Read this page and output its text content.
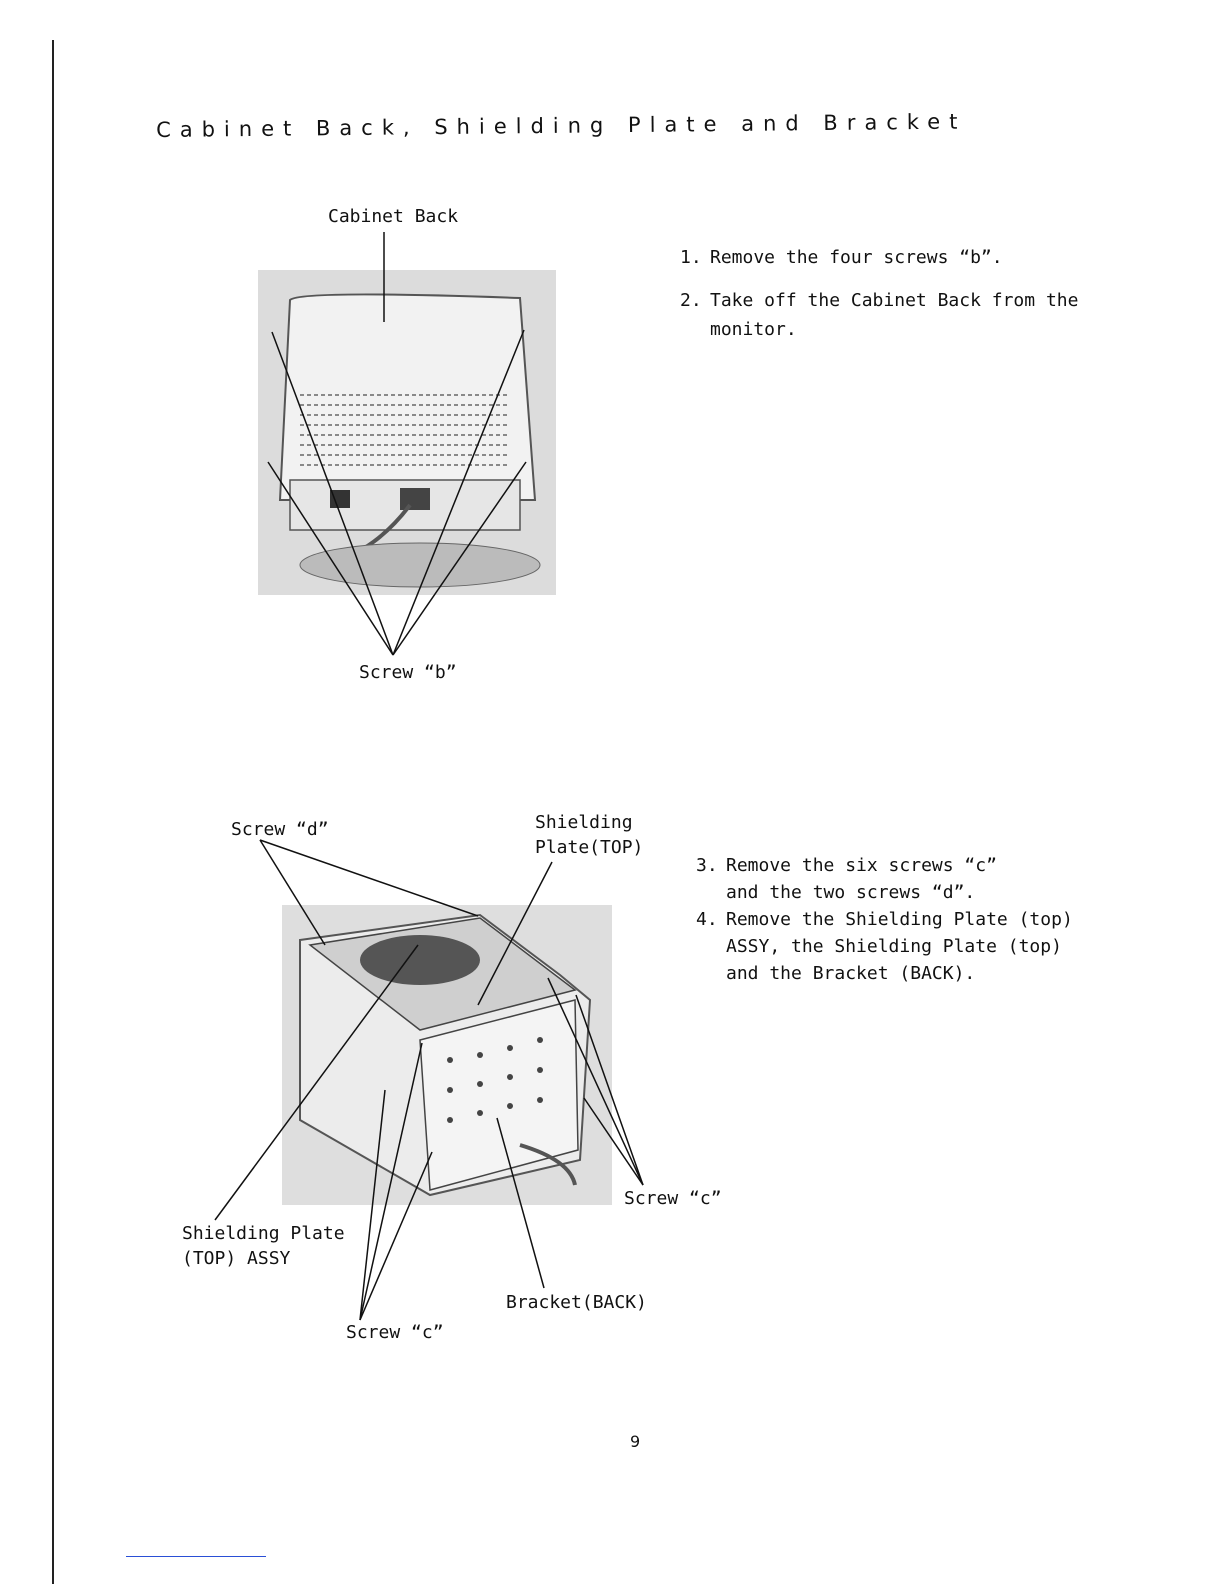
Cabinet Back, Shielding Plate and Bracket
Cabinet Back
Screw “b”
1. Remove the four screws “b”.
2. Take off the Cabinet Back from the
monitor.
Screw “d”	Shielding
Plate(TOP)
Screw “c”
Shielding Plate
(TOP) ASSY
Bracket(BACK)
Screw “c”
3. Remove the six screws “c”
and the two screws “d”.
4. Remove the Shielding Plate (top)
ASSY, the Shielding Plate (top)
and the Bracket (BACK).
9
